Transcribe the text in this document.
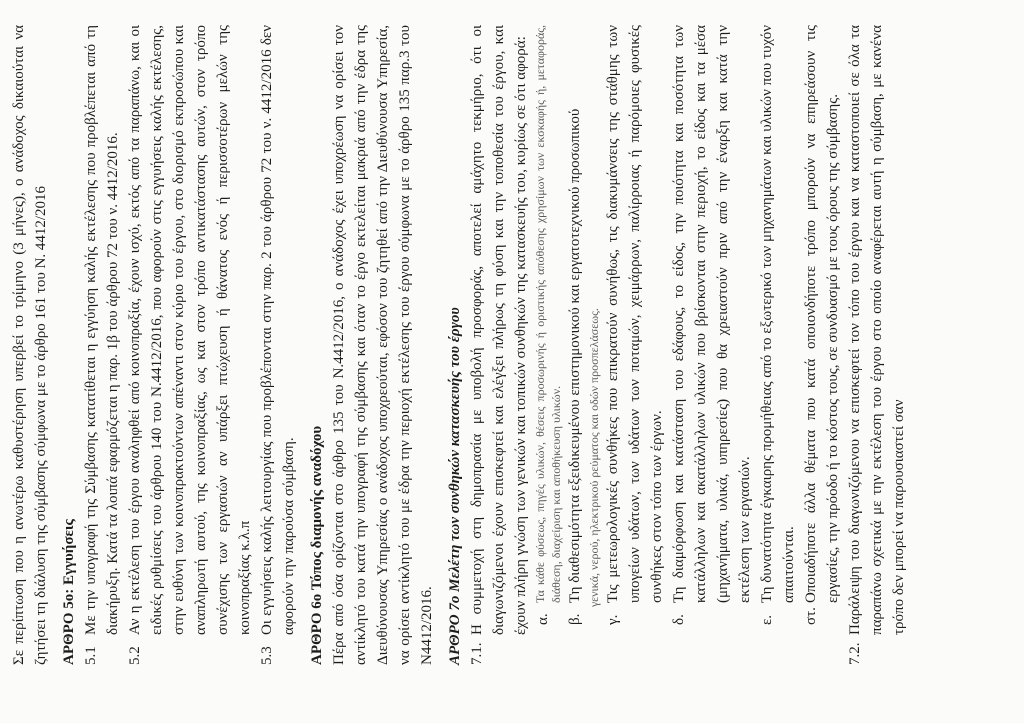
Σε περίπτωση που η ανωτέρω καθυστέρηση υπερβεί το τρίμηνο (3 μήνες), ο ανάδοχος δικαιούται να ζητήσει τη διάλυση της σύμβασης σύμφωνα με το άρθρο 161 του Ν. 4412/2016 ΑΡΘΡΟ 5ο: Εγγυήσεις 5.1
Με την υπογραφή της Σύμβασης κατατίθεται η εγγύηση καλής εκτέλεσης που προβλέπεται από τη διακήρυξη. Κατά τα λοιπά εφαρμόζεται η παρ. 1β του άρθρου 72 του ν. 4412/2016.
5.2
Αν η εκτέλεση του έργου αναληφθεί από κοινοπραξία, έχουν ισχύ, εκτός από τα παραπάνω, και οι ειδικές ρυθμίσεις του άρθρου 140 του Ν.4412/2016, που αφορούν στις εγγυήσεις καλής εκτέλεσης, στην ευθύνη των κοινοπρακτούντων απέναντι στον κύριο του έργου, στο διορισμό εκπροσώπου και αναπληρωτή αυτού, της κοινοπραξίας, ως και στον τρόπο αντικατάστασης αυτών, στον τρόπο συνέχισης των εργασιών αν υπάρξει πτώχευση ή θάνατος ενός ή περισσοτέρων μελών της κοινοπραξίας κ.λ.π
5.3
Οι εγγυήσεις καλής λειτουργίας που προβλέπονται στην παρ. 2 του άρθρου 72 του ν. 4412/2016 δεν αφορούν την παρούσα σύμβαση. ΑΡΘΡΟ 6ο Τόπος διαμονής αναδόχου Πέρα από όσα ορίζονται στο άρθρο 135 του Ν.4412/2016, ο ανάδοχος έχει υποχρέωση να ορίσει τον αντίκλητό του κατά την υπογραφή της σύμβασης και όταν το έργο εκτελείται μακριά από την έδρα της Διευθύνουσας Υπηρεσίας ο ανάδοχος υποχρεούται, εφόσον του ζητηθεί από την Διευθύνουσα Υπηρεσία, να ορίσει αντίκλητό του με έδρα την περιοχή εκτέλεσης του έργου σύμφωνα με το άρθρο 135 παρ.3 του Ν4412/2016. ΑΡΘΡΟ 7ο Μελέτη των συνθηκών κατασκευής του έργου 7.1.
Η συμμετοχή στη δημοπρασία με υποβολή προσφοράς, αποτελεί αμάχητο τεκμήριο, ότι οι διαγωνιζόμενοι έχουν επισκεφτεί και ελέγξει πλήρως τη φύση και την τοποθεσία του έργου, και έχουν πλήρη γνώση των γενικών και τοπικών συνθηκών της κατασκευής του, κυρίως σε ότι αφορά: α.
Τα κάθε φύσεως, πηγές υλικών, θέσεις προσωρινής ή οριστικής απόθεσης χρησίμων των εκσκαφής ή, μεταφοράς, διάθεση, διαχείριση και αποθήκευση υλικών.
β.
Τη διαθεσιμότητα εξειδικευμένου επιστημονικού και εργατοτεχνικού προσωπικού γενικά, νερού, ηλεκτρικού ρεύματος και οδών προσπελάσεως.
γ.
Τις μετεωρολογικές συνθήκες που επικρατούν συνήθως, τις διακυμάνσεις της στάθμης των υπογείων υδάτων, των υδάτων των ποταμών, χειμάρρων, παλίρροιας ή παρόμοιες φυσικές συνθήκες στον τόπο των έργων.
δ.
Τη διαμόρφωση και κατάσταση του εδάφους, το είδος, την ποιότητα και ποσότητα των κατάλληλων και ακατάλληλων υλικών που βρίσκονται στην περιοχή, το είδος και τα μέσα (μηχανήματα, υλικά, υπηρεσίες) που θα χρειαστούν πριν από την έναρξη και κατά την εκτέλεση των εργασιών.
ε.
Τη δυνατότητα έγκαιρης προμήθειας από το εξωτερικό των μηχανημάτων και υλικών που τυχόν απαιτούνται.
στ.
Οποιαδήποτε άλλα θέματα που κατά οποιονδήποτε τρόπο μπορούν να επηρεάσουν τις εργασίες, την πρόοδο ή το κόστος τους, σε συνδυασμό με τους όρους της σύμβασης.
7.2.
Παράλειψη του διαγωνιζόμενου να επισκεφτεί τον τόπο του έργου και να καταστοποιεί σε όλα τα παραπάνω σχετικά με την εκτέλεση του έργου στο οποίο αναφέρεται αυτή η σύμβαση, με κανένα τρόπο δεν μπορεί να παρουσιαστεί σαν
